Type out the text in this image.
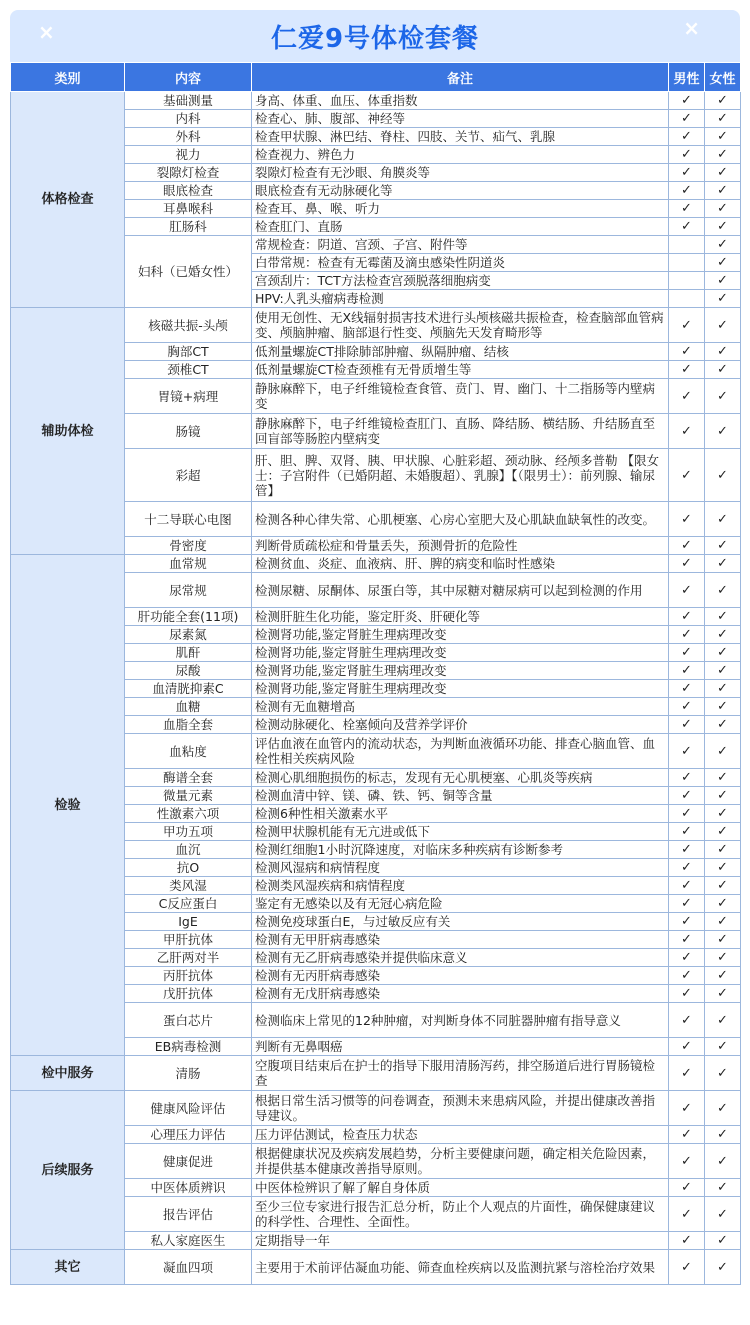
×	仁爱9号体检套餐	×
类别	内容	备注	男性	女性
体格检查	基础测量	身高、体重、血压、体重指数	✓	✓
	内科	检查心、肺、腹部、神经等	✓	✓
	外科	检查甲状腺、淋巴结、脊柱、四肢、关节、疝气、乳腺	✓	✓
	视力	检查视力、辨色力	✓	✓
	裂隙灯检查	裂隙灯检查有无沙眼、角膜炎等	✓	✓
	眼底检查	眼底检查有无动脉硬化等	✓	✓
	耳鼻喉科	检查耳、鼻、喉、听力	✓	✓
	肛肠科	检查肛门、直肠	✓	✓
	妇科（已婚女性）	常规检查：阴道、宫颈、子宫、附件等		✓
		白带常规：检查有无霉菌及滴虫感染性阴道炎		✓
		宫颈刮片：TCT方法检查宫颈脱落细胞病变		✓
		HPV:人乳头瘤病毒检测		✓
辅助体检	核磁共振-头颅	使用无创性、无X线辐射损害技术进行头颅核磁共振检查，检查脑部血管病变、颅脑肿瘤、脑部退行性变、颅脑先天发育畸形等	✓	✓
	胸部CT	低剂量螺旋CT排除肺部肿瘤、纵隔肿瘤、结核	✓	✓
	颈椎CT	低剂量螺旋CT检查颈椎有无骨质增生等	✓	✓
	胃镜+病理	静脉麻醉下，电子纤维镜检查食管、贲门、胃、幽门、十二指肠等内壁病变	✓	✓
	肠镜	静脉麻醉下，电子纤维镜检查肛门、直肠、降结肠、横结肠、升结肠直至回盲部等肠腔内壁病变	✓	✓
	彩超	肝、胆、脾、双肾、胰、甲状腺、心脏彩超、颈动脉、经颅多普勒 【限女士：子宫附件（已婚阴超、未婚腹超）、乳腺】【（限男士）：前列腺、输尿管】	✓	✓
	十二导联心电图	检测各种心律失常、心肌梗塞、心房心室肥大及心肌缺血缺氧性的改变。	✓	✓
	骨密度	判断骨质疏松症和骨量丢失，预测骨折的危险性	✓	✓
检验	血常规	检测贫血、炎症、血液病、肝、脾的病变和临时性感染	✓	✓
	尿常规	检测尿糖、尿酮体、尿蛋白等，其中尿糖对糖尿病可以起到检测的作用	✓	✓
	肝功能全套(11项)	检测肝脏生化功能，鉴定肝炎、肝硬化等	✓	✓
	尿素氮	检测肾功能,鉴定肾脏生理病理改变	✓	✓
	肌酐	检测肾功能,鉴定肾脏生理病理改变	✓	✓
	尿酸	检测肾功能,鉴定肾脏生理病理改变	✓	✓
	血清胱抑素C	检测肾功能,鉴定肾脏生理病理改变	✓	✓
	血糖	检测有无血糖增高	✓	✓
	血脂全套	检测动脉硬化、栓塞倾向及营养学评价	✓	✓
	血粘度	评估血液在血管内的流动状态，为判断血液循环功能、排查心脑血管、血栓性相关疾病风险	✓	✓
	酶谱全套	检测心肌细胞损伤的标志，发现有无心肌梗塞、心肌炎等疾病	✓	✓
	微量元素	检测血清中锌、镁、磷、铁、钙、铜等含量	✓	✓
	性激素六项	检测6种性相关激素水平	✓	✓
	甲功五项	检测甲状腺机能有无亢进或低下	✓	✓
	血沉	检测红细胞1小时沉降速度，对临床多种疾病有诊断参考	✓	✓
	抗O	检测风湿病和病情程度	✓	✓
	类风湿	检测类风湿疾病和病情程度	✓	✓
	C反应蛋白	鉴定有无感染以及有无冠心病危险	✓	✓
	IgE	检测免疫球蛋白E，与过敏反应有关	✓	✓
	甲肝抗体	检测有无甲肝病毒感染	✓	✓
	乙肝两对半	检测有无乙肝病毒感染并提供临床意义	✓	✓
	丙肝抗体	检测有无丙肝病毒感染	✓	✓
	戊肝抗体	检测有无戊肝病毒感染	✓	✓
	蛋白芯片	检测临床上常见的12种肿瘤，对判断身体不同脏器肿瘤有指导意义	✓	✓
	EB病毒检测	判断有无鼻咽癌	✓	✓
检中服务	清肠	空腹项目结束后在护士的指导下服用清肠泻药，排空肠道后进行胃肠镜检查	✓	✓
后续服务	健康风险评估	根据日常生活习惯等的问卷调查，预测未来患病风险，并提出健康改善指导建议。	✓	✓
	心理压力评估	压力评估测试，检查压力状态	✓	✓
	健康促进	根据健康状况及疾病发展趋势，分析主要健康问题，确定相关危险因素，并提供基本健康改善指导原则。	✓	✓
	中医体质辨识	中医体检辨识了解了解自身体质	✓	✓
	报告评估	至少三位专家进行报告汇总分析，防止个人观点的片面性，确保健康建议的科学性、合理性、全面性。	✓	✓
	私人家庭医生	定期指导一年	✓	✓
其它	凝血四项	主要用于术前评估凝血功能、筛查血栓疾病以及监测抗紧与溶栓治疗效果	✓	✓
